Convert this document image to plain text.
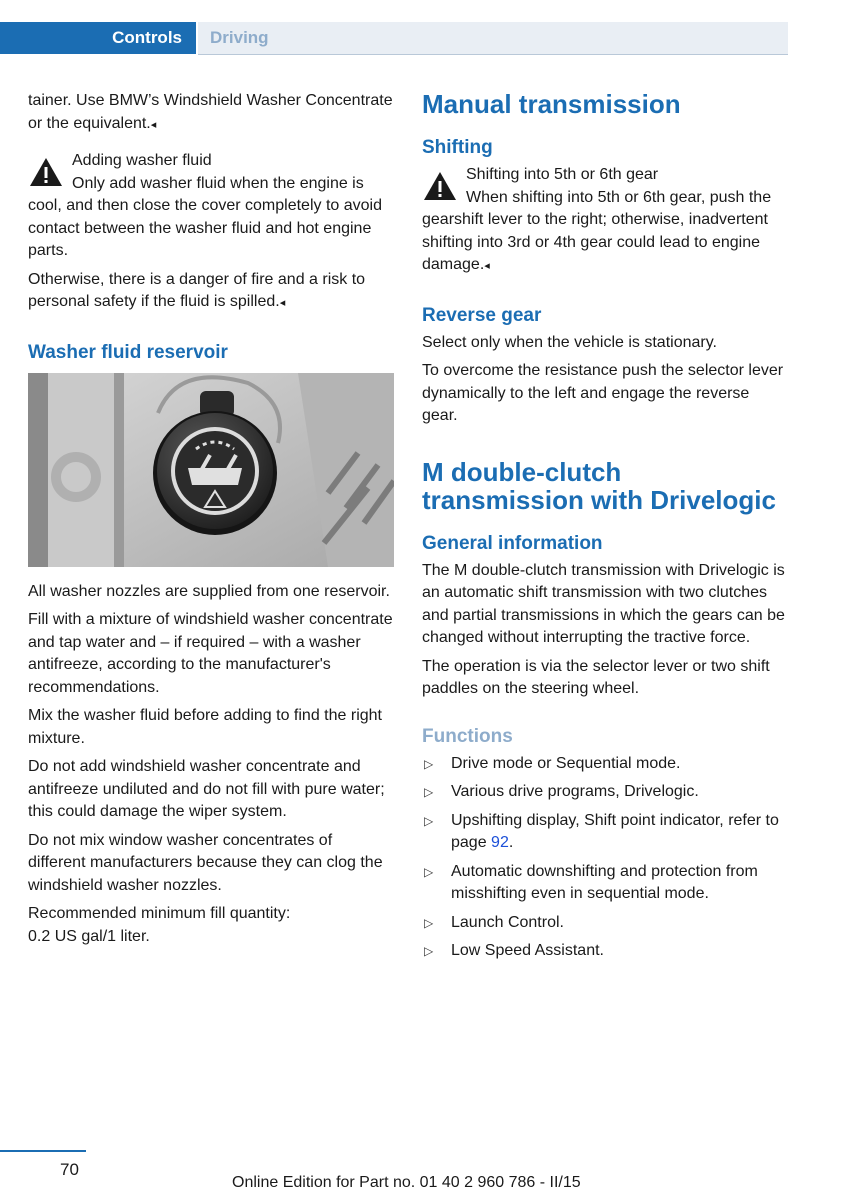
Controls	Driving

tainer. Use BMW’s Windshield Washer Concentrate or the equivalent.◂

Adding washer fluid
Only add washer fluid when the engine is cool, and then close the cover completely to avoid contact between the washer fluid and hot engine parts.

Otherwise, there is a danger of fire and a risk to personal safety if the fluid is spilled.◂

Washer fluid reservoir

All washer nozzles are supplied from one reservoir.

Fill with a mixture of windshield washer concentrate and tap water and – if required – with a washer antifreeze, according to the manufacturer's recommendations.

Mix the washer fluid before adding to find the right mixture.

Do not add windshield washer concentrate and antifreeze undiluted and do not fill with pure water; this could damage the wiper system.

Do not mix window washer concentrates of different manufacturers because they can clog the windshield washer nozzles.

Recommended minimum fill quantity:
0.2 US gal/1 liter.

Manual transmission
Shifting
Shifting into 5th or 6th gear
When shifting into 5th or 6th gear, push the gearshift lever to the right; otherwise, inadvertent shifting into 3rd or 4th gear could lead to engine damage.◂
Reverse gear

Select only when the vehicle is stationary.

To overcome the resistance push the selector lever dynamically to the left and engage the reverse gear.

M double-clutch transmission with Drivelogic
General information

The M double-clutch transmission with Drivelogic is an automatic shift transmission with two clutches and partial transmissions in which the gears can be changed without interrupting the tractive force.

The operation is via the selector lever or two shift paddles on the steering wheel.

Functions
▷ Drive mode or Sequential mode.
▷ Various drive programs, Drivelogic.
▷ Upshifting display, Shift point indicator, refer to page 92.
▷ Automatic downshifting and protection from misshifting even in sequential mode.
▷ Launch Control.
▷ Low Speed Assistant.
70
Online Edition for Part no. 01 40 2 960 786 - II/15
